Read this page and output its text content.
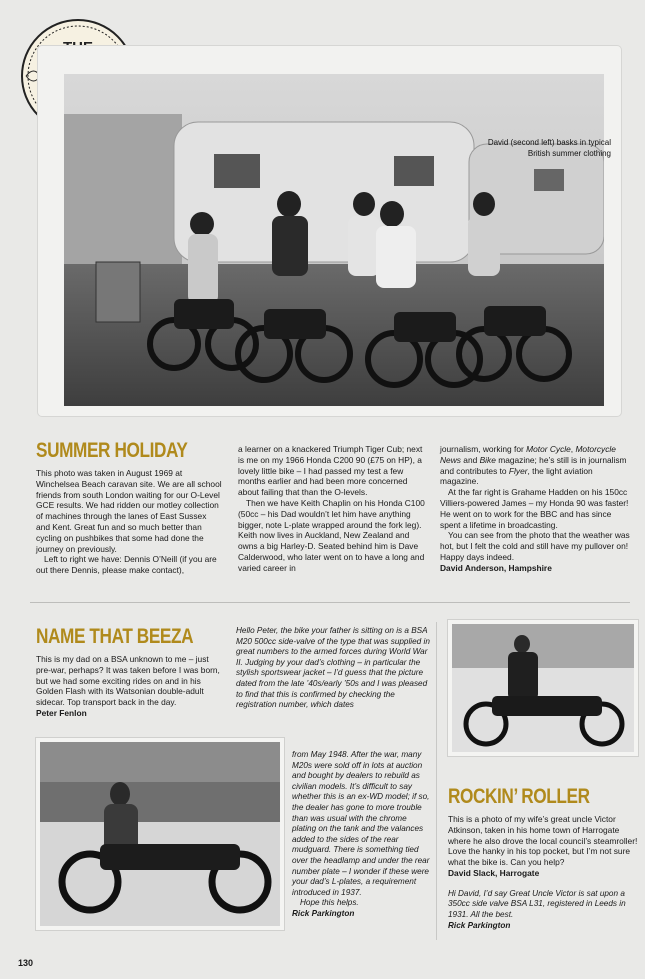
David (second left) basks in typical British summer clothing
SUMMER HOLIDAY

This photo was taken in August 1969 at Winchelsea Beach caravan site. We are all school friends from south London waiting for our O-Level GCE results. We had ridden our motley collection of machines through the lanes of East Sussex and Kent. Great fun and so much better than cycling on pushbikes that some had done the journey on previously.

Left to right we have: Dennis O’Neill (if you are out there Dennis, please make contact),

a learner on a knackered Triumph Tiger Cub; next is me on my 1966 Honda C200 90 (£75 on HP), a lovely little bike – I had passed my test a few months earlier and had been more concerned about failing that than the O-levels.

Then we have Keith Chaplin on his Honda C100 (50cc – his Dad wouldn’t let him have anything bigger, note L-plate wrapped around the fork leg). Keith now lives in Auckland, New Zealand and owns a big Harley-D. Seated behind him is Dave Calderwood, who later went on to have a long and varied career in

journalism, working for Motor Cycle, Motorcycle News and Bike magazine; he’s still is in journalism and contributes to Flyer, the light aviation magazine.

At the far right is Grahame Hadden on his 150cc Villiers-powered James – my Honda 90 was faster! He went on to work for the BBC and has since spent a lifetime in broadcasting.

You can see from the photo that the weather was hot, but I felt the cold and still have my pullover on! Happy days indeed.

David Anderson, Hampshire

NAME THAT BEEZA

This is my dad on a BSA unknown to me – just pre-war, perhaps? It was taken before I was born, but we had some exciting rides on and in his Golden Flash with its Watsonian double-adult sidecar. Top transport back in the day.

Peter Fenlon

Hello Peter, the bike your father is sitting on is a BSA M20 500cc side-valve of the type that was supplied in great numbers to the armed forces during World War II. Judging by your dad’s clothing – in particular the stylish sportswear jacket – I’d guess that the picture dated from the late ’40s/early ’50s and I was pleased to find that this is confirmed by checking the registration number, which dates

from May 1948. After the war, many M20s were sold off in lots at auction and bought by dealers to rebuild as civilian models. It’s difficult to say whether this is an ex-WD model; if so, the dealer has gone to more trouble than was usual with the chrome plating on the tank and the valances added to the sides of the rear mudguard. There is something tied over the headlamp and under the rear number plate – I wonder if these were your dad’s L-plates, a requirement introduced in 1937.

Hope this helps.

Rick Parkington

ROCKIN’ ROLLER

This is a photo of my wife’s great uncle Victor Atkinson, taken in his home town of Harrogate where he also drove the local council’s steamroller! Love the hanky in his top pocket, but I’m not sure what the bike is. Can you help?

David Slack, Harrogate

Hi David, I’d say Great Uncle Victor is sat upon a 350cc side valve BSA L31, registered in Leeds in 1931. All the best.

Rick Parkington

130
